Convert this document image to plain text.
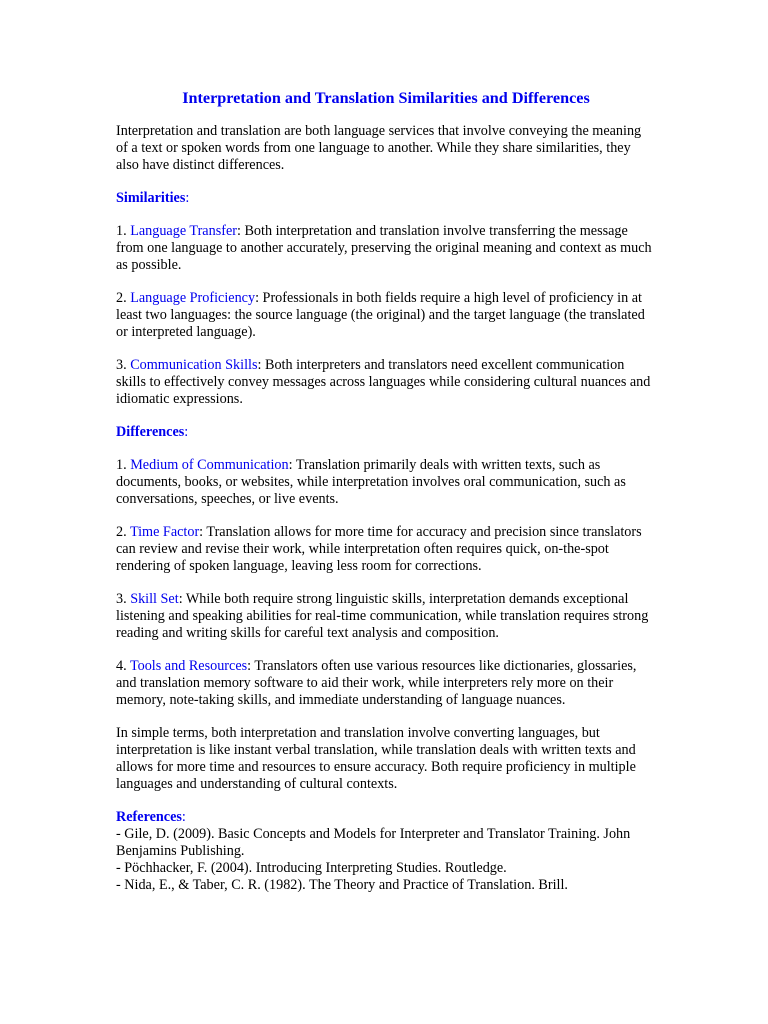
Interpretation and Translation Similarities and Differences

Interpretation and translation are both language services that involve conveying the meaning of a text or spoken words from one language to another. While they share similarities, they also have distinct differences.

Similarities:

1. Language Transfer: Both interpretation and translation involve transferring the message from one language to another accurately, preserving the original meaning and context as much as possible.

2. Language Proficiency: Professionals in both fields require a high level of proficiency in at least two languages: the source language (the original) and the target language (the translated or interpreted language).

3. Communication Skills: Both interpreters and translators need excellent communication skills to effectively convey messages across languages while considering cultural nuances and idiomatic expressions.

Differences:

1. Medium of Communication: Translation primarily deals with written texts, such as documents, books, or websites, while interpretation involves oral communication, such as conversations, speeches, or live events.

2. Time Factor: Translation allows for more time for accuracy and precision since translators can review and revise their work, while interpretation often requires quick, on-the-spot rendering of spoken language, leaving less room for corrections.

3. Skill Set: While both require strong linguistic skills, interpretation demands exceptional listening and speaking abilities for real-time communication, while translation requires strong reading and writing skills for careful text analysis and composition.

4. Tools and Resources: Translators often use various resources like dictionaries, glossaries, and translation memory software to aid their work, while interpreters rely more on their memory, note-taking skills, and immediate understanding of language nuances.

In simple terms, both interpretation and translation involve converting languages, but interpretation is like instant verbal translation, while translation deals with written texts and allows for more time and resources to ensure accuracy. Both require proficiency in multiple languages and understanding of cultural contexts.

References:

- Gile, D. (2009). Basic Concepts and Models for Interpreter and Translator Training. John Benjamins Publishing.

- Pöchhacker, F. (2004). Introducing Interpreting Studies. Routledge.

- Nida, E., & Taber, C. R. (1982). The Theory and Practice of Translation. Brill.
